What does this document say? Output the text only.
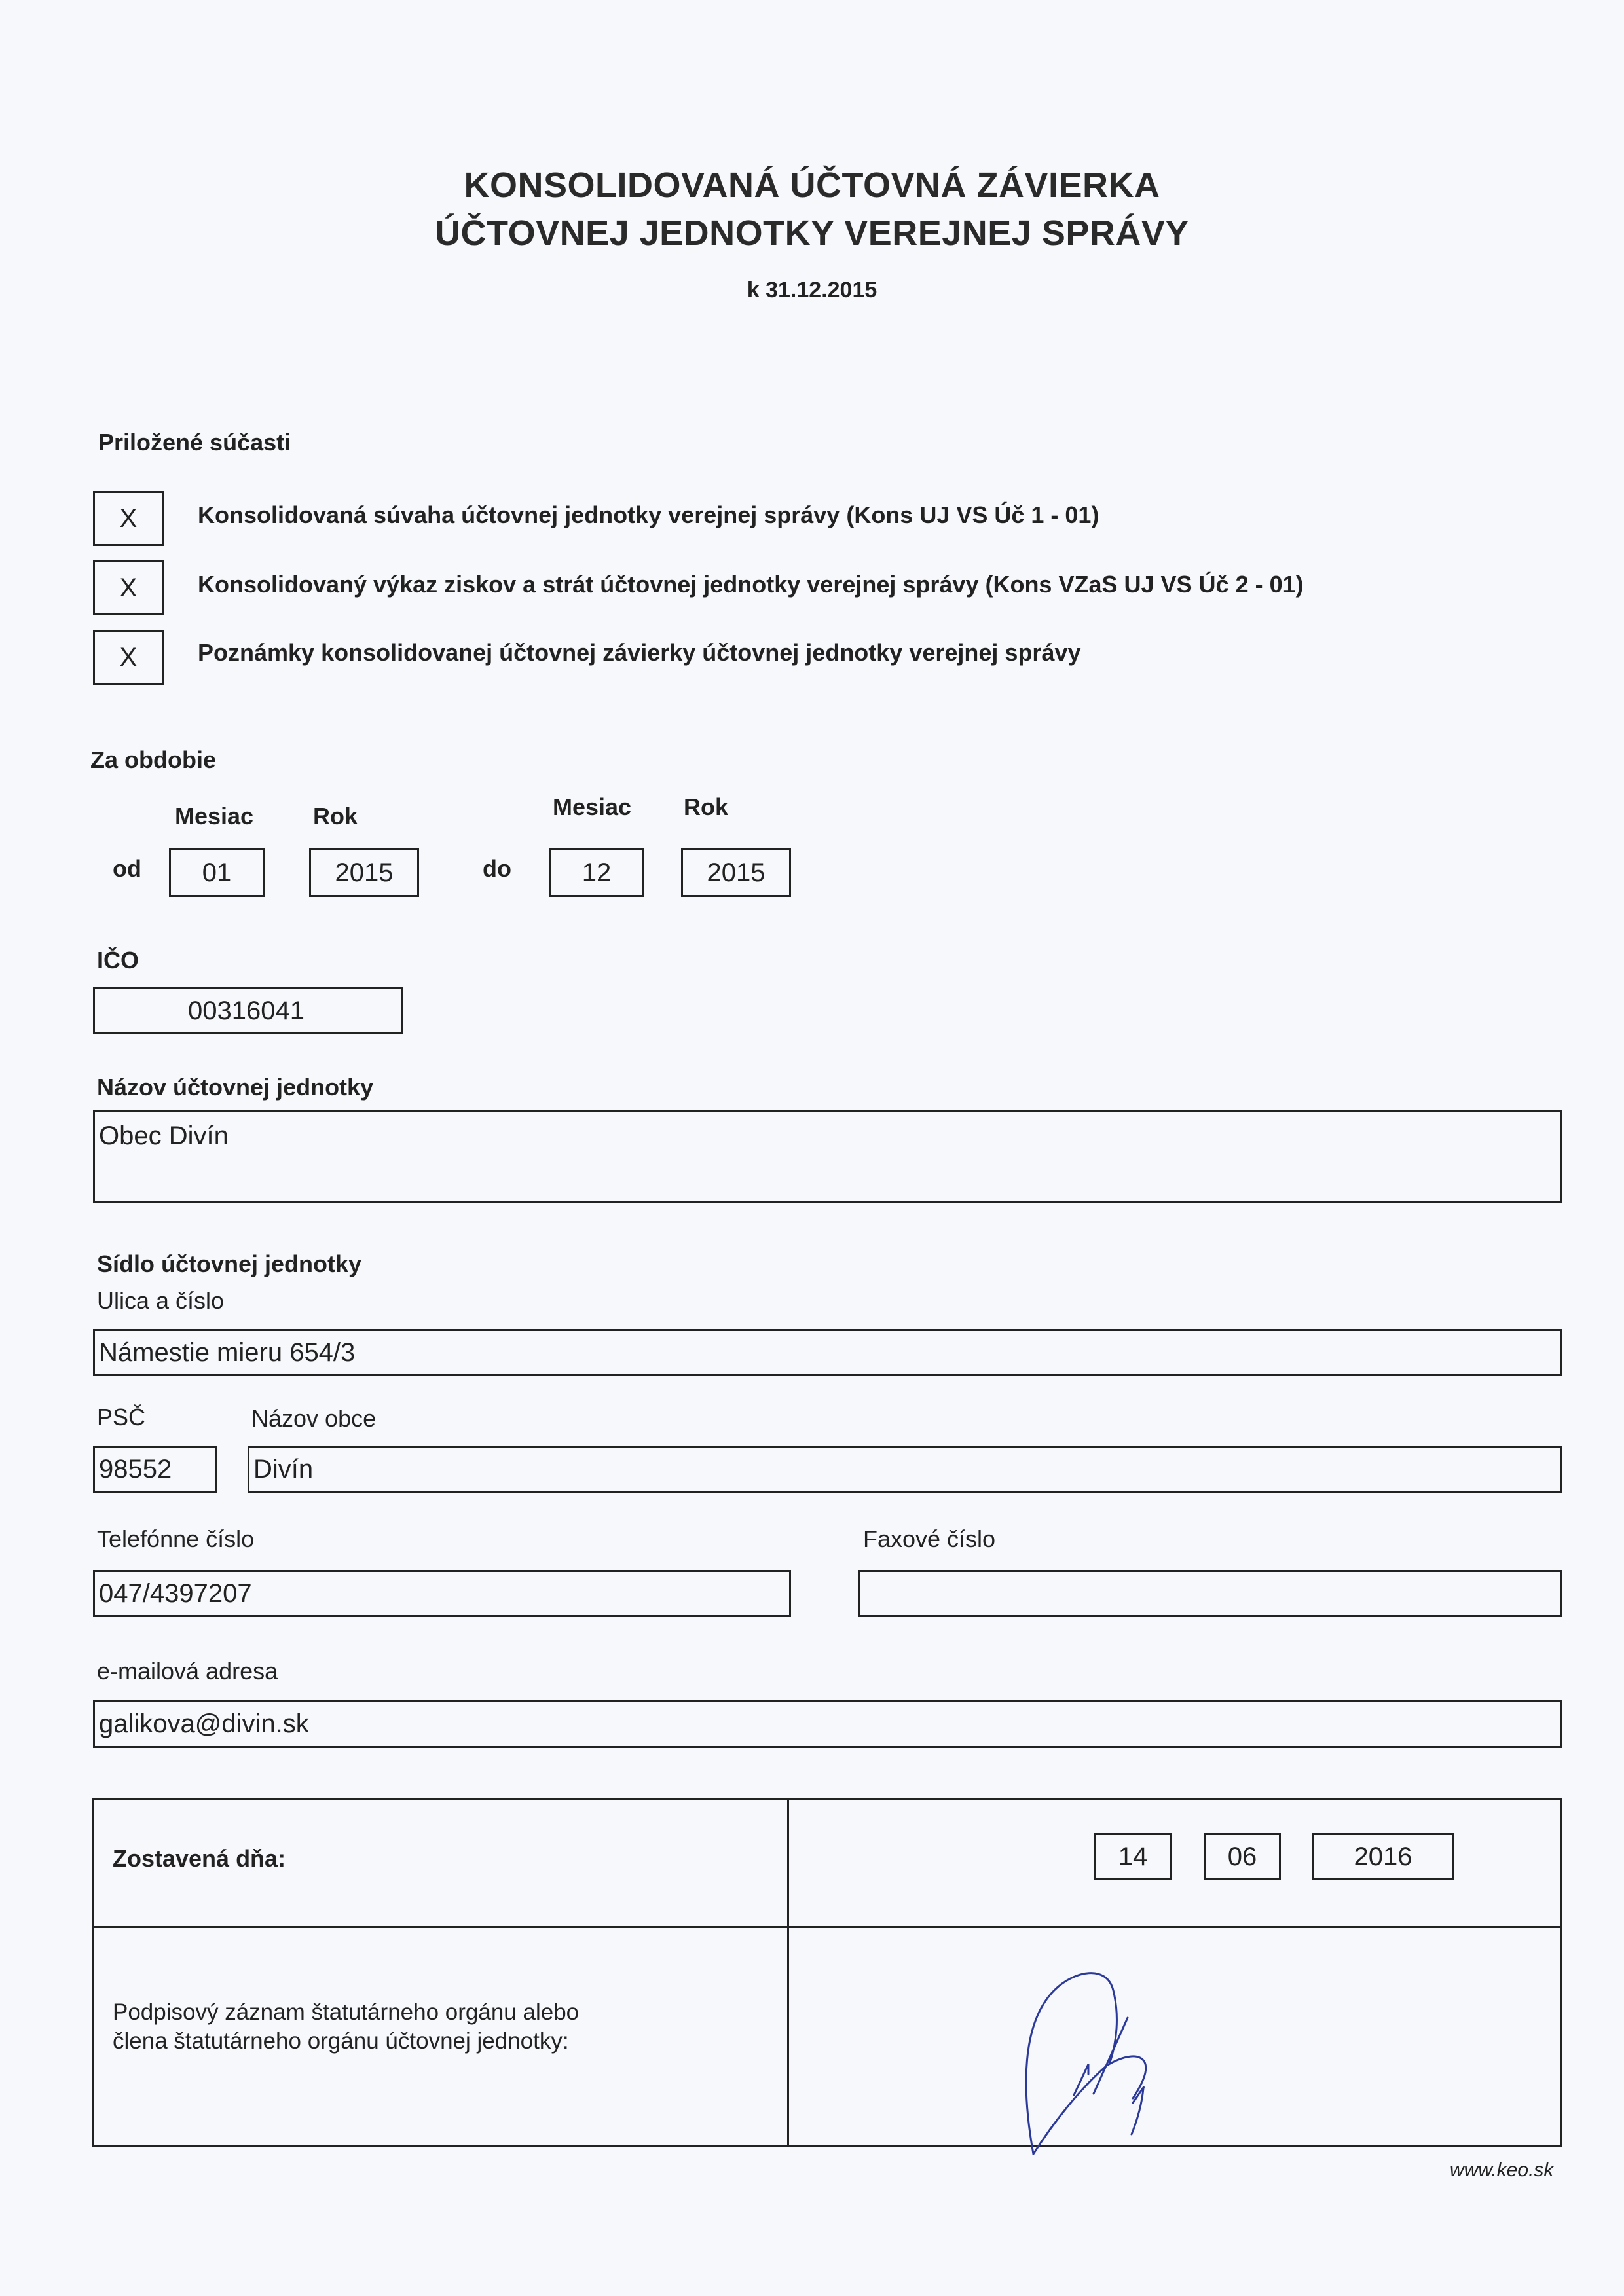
KONSOLIDOVANÁ ÚČTOVNÁ ZÁVIERKA
ÚČTOVNEJ JEDNOTKY VEREJNEJ SPRÁVY
k 31.12.2015
Priložené súčasti
X	Konsolidovaná súvaha účtovnej jednotky verejnej správy (Kons UJ VS Úč 1 - 01)
X	Konsolidovaný výkaz ziskov a strát účtovnej jednotky verejnej správy (Kons VZaS UJ VS Úč 2 - 01)
X	Poznámky konsolidovanej účtovnej závierky účtovnej jednotky verejnej správy
Za obdobie
Mesiac	Rok	Mesiac Rok
od 01	2015	do	12	2015
IČO
00316041
Názov účtovnej jednotky
Obec Divín
Sídlo účtovnej jednotky
Ulica a číslo
Námestie mieru 654/3
PSČ	Názov obce
98552	Divín
Telefónne číslo
047/4397207
Faxové číslo
e-mailová adresa
galikova@divin.sk
Zostavená dňa:	14	06	2016
Podpisový záznam štatutárneho orgánu alebo
člena štatutárneho orgánu účtovnej jednotky:
www.keo.sk
